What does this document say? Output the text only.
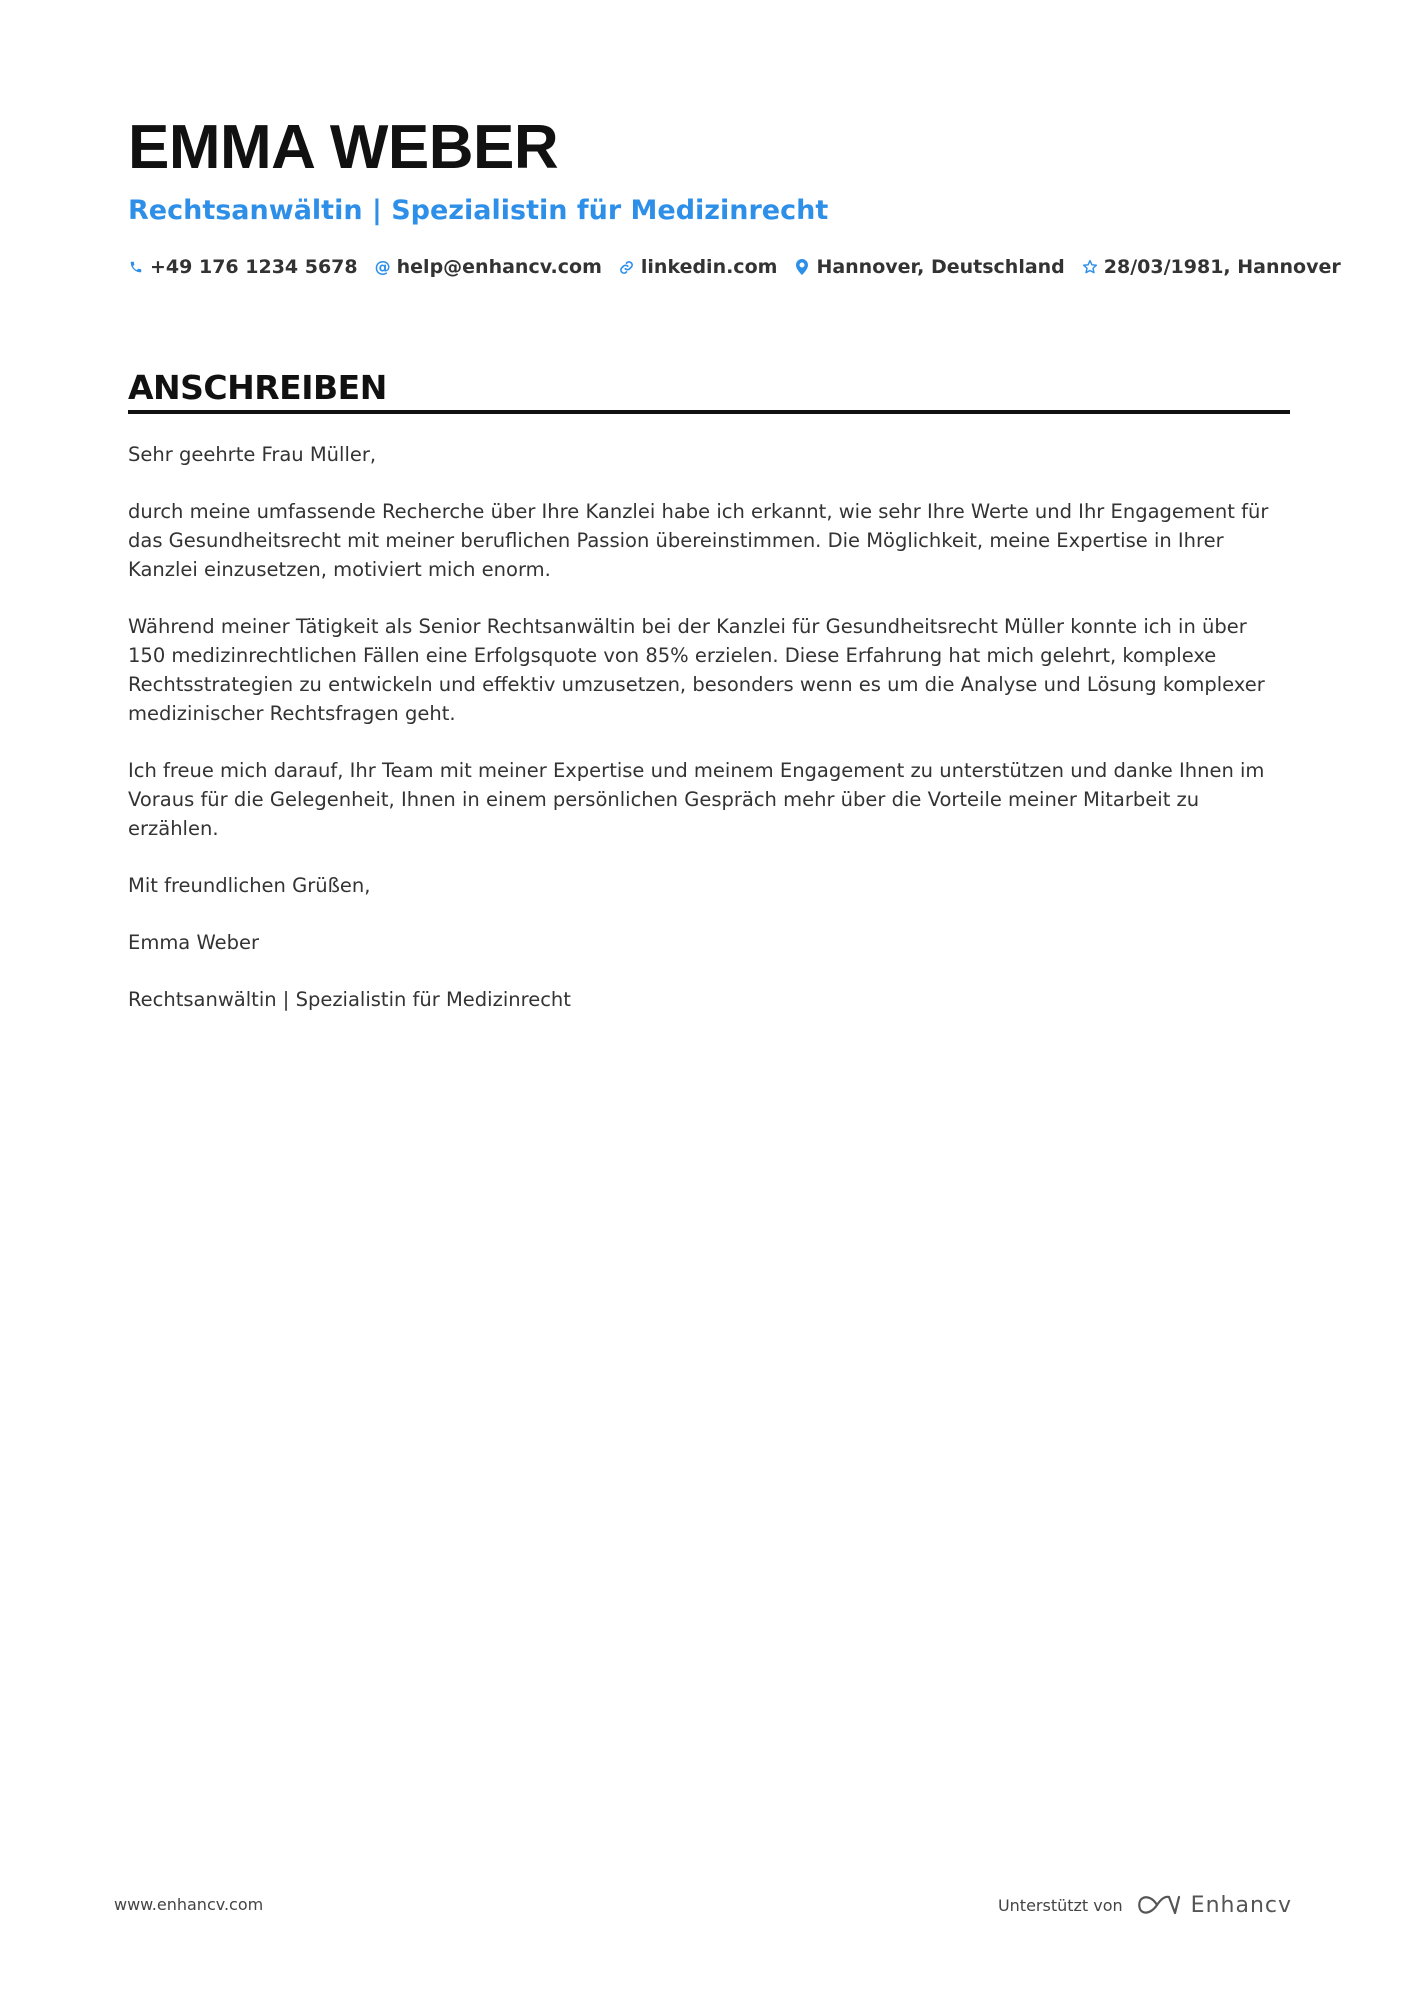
EMMA WEBER
Rechtsanwältin | Spezialistin für Medizinrecht
+49 176 1234 5678 @ help@enhancv.com linkedin.com Hannover, Deutschland 28/03/1981, Hannover
ANSCHREIBEN

Sehr geehrte Frau Müller,

durch meine umfassende Recherche über Ihre Kanzlei habe ich erkannt, wie sehr Ihre Werte und Ihr Engagement für das Gesundheitsrecht mit meiner beruflichen Passion übereinstimmen. Die Möglichkeit, meine Expertise in Ihrer Kanzlei einzusetzen, motiviert mich enorm.

Während meiner Tätigkeit als Senior Rechtsanwältin bei der Kanzlei für Gesundheitsrecht Müller konnte ich in über 150 medizinrechtlichen Fällen eine Erfolgsquote von 85% erzielen. Diese Erfahrung hat mich gelehrt, komplexe Rechtsstrategien zu entwickeln und effektiv umzusetzen, besonders wenn es um die Analyse und Lösung komplexer medizinischer Rechtsfragen geht.

Ich freue mich darauf, Ihr Team mit meiner Expertise und meinem Engagement zu unterstützen und danke Ihnen im Voraus für die Gelegenheit, Ihnen in einem persönlichen Gespräch mehr über die Vorteile meiner Mitarbeit zu erzählen.

Mit freundlichen Grüßen,

Emma Weber

Rechtsanwältin | Spezialistin für Medizinrecht

www.enhancv.com	Unterstützt von	Enhancv
